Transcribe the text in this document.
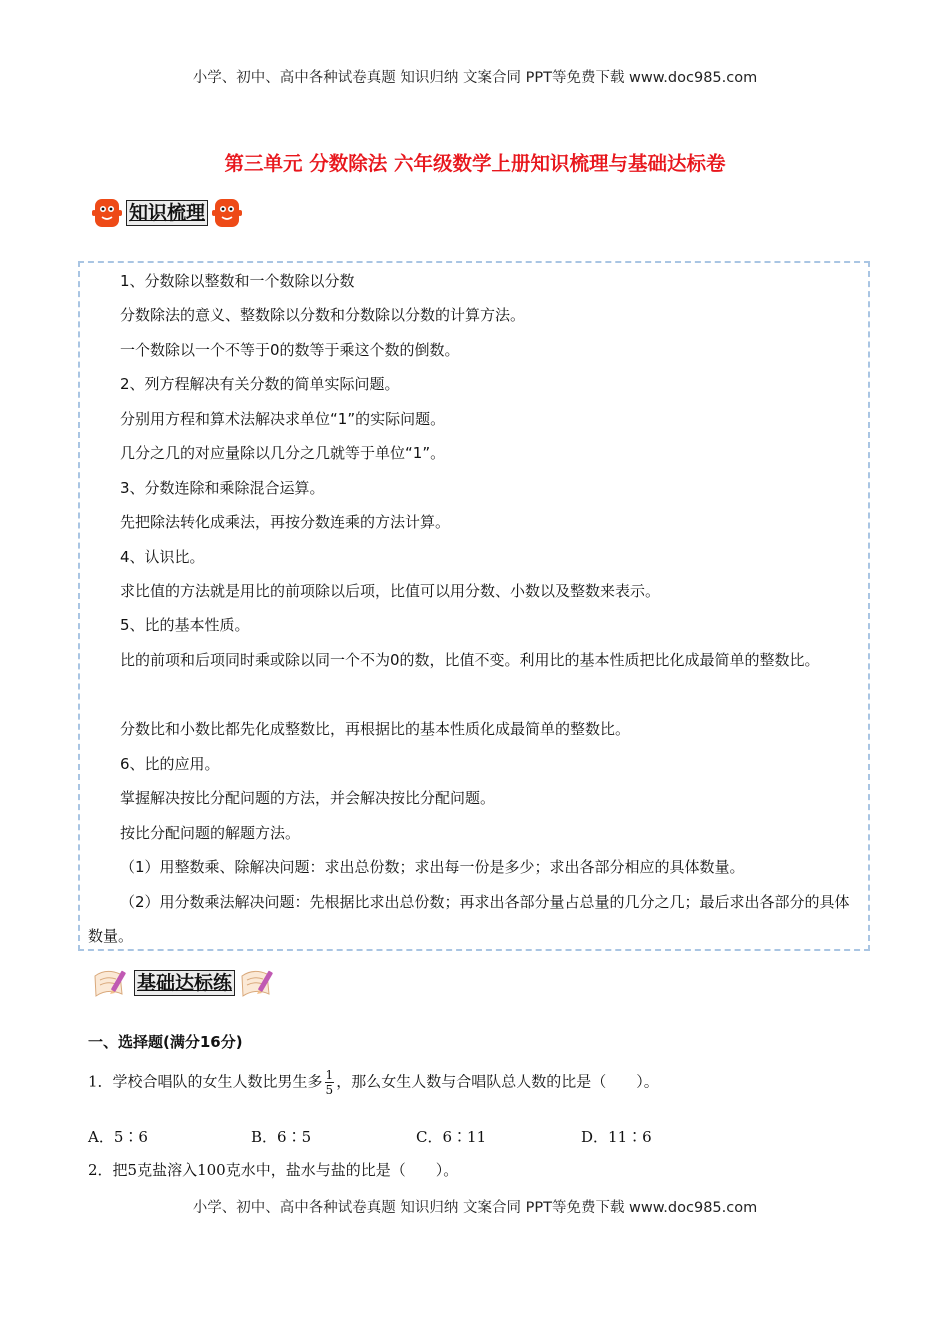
小学、初中、高中各种试卷真题 知识归纳 文案合同 PPT等免费下载 www.doc985.com
第三单元 分数除法 六年级数学上册知识梳理与基础达标卷
知识梳理

1、分数除以整数和一个数除以分数

分数除法的意义、整数除以分数和分数除以分数的计算方法。

一个数除以一个不等于0的数等于乘这个数的倒数。

2、列方程解决有关分数的简单实际问题。

分别用方程和算术法解决求单位“1”的实际问题。

几分之几的对应量除以几分之几就等于单位“1”。

3、分数连除和乘除混合运算。

先把除法转化成乘法，再按分数连乘的方法计算。

4、认识比。

求比值的方法就是用比的前项除以后项，比值可以用分数、小数以及整数来表示。

5、比的基本性质。

比的前项和后项同时乘或除以同一个不为0的数，比值不变。利用比的基本性质把比化成最简单的整数比。

分数比和小数比都先化成整数比，再根据比的基本性质化成最简单的整数比。

6、比的应用。

掌握解决按比分配问题的方法，并会解决按比分配问题。

按比分配问题的解题方法。

（1）用整数乘、除解决问题：求出总份数；求出每一份是多少；求出各部分相应的具体数量。

（2）用分数乘法解决问题：先根据比求出总份数；再求出各部分量占总量的几分之几；最后求出各部分的具体数量。

基础达标练
一、选择题(满分16分)
1．学校合唱队的女生人数比男生多 $\frac{1}{5}$ ，那么女生人数与合唱队总人数的比是（　　）。
A．5∶6	B．6∶5	C．6∶11	D．11∶6
2．把5克盐溶入100克水中，盐水与盐的比是（　　）。
小学、初中、高中各种试卷真题 知识归纳 文案合同 PPT等免费下载 www.doc985.com
